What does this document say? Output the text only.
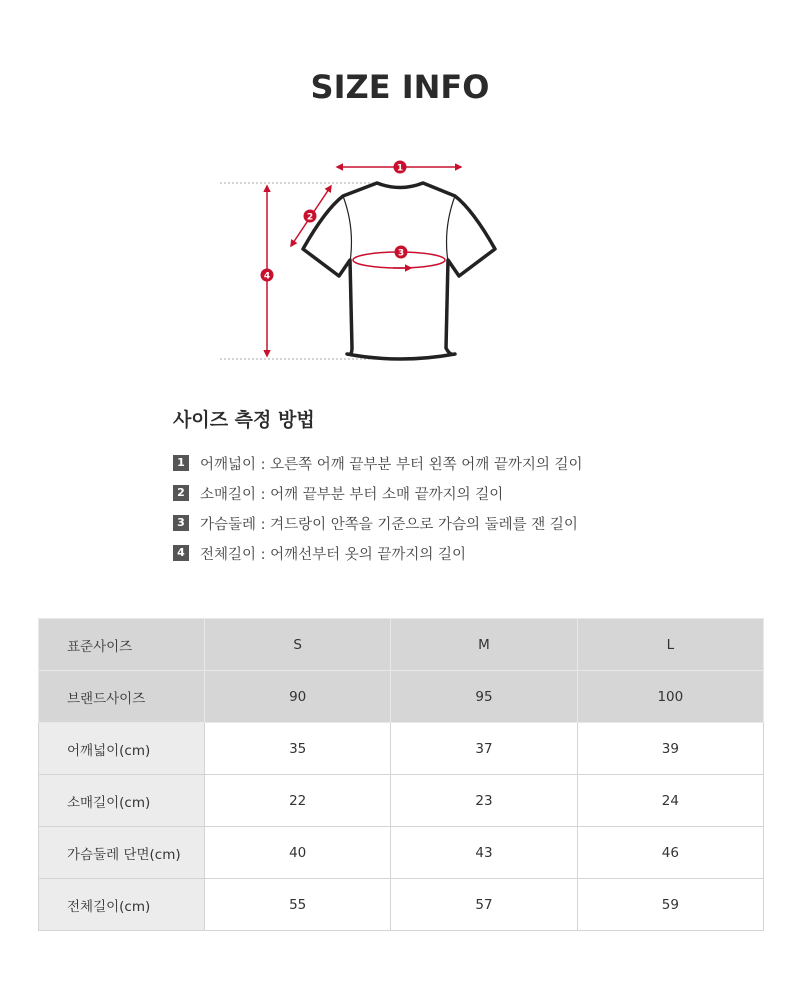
SIZE INFO
1
2
3
4
사이즈 측정 방법
1 어깨넓이 : 오른쪽 어깨 끝부분 부터 왼쪽 어깨 끝까지의 길이
2 소매길이 : 어깨 끝부분 부터 소매 끝까지의 길이
3 가슴둘레 : 겨드랑이 안쪽을 기준으로 가슴의 둘레를 잰 길이
4 전체길이 : 어깨선부터 옷의 끝까지의 길이
표준사이즈	S	M	L
브랜드사이즈	90	95	100
어깨넓이(cm)	35	37	39
소매길이(cm)	22	23	24
가슴둘레 단면(cm)	40	43	46
전체길이(cm)	55	57	59
